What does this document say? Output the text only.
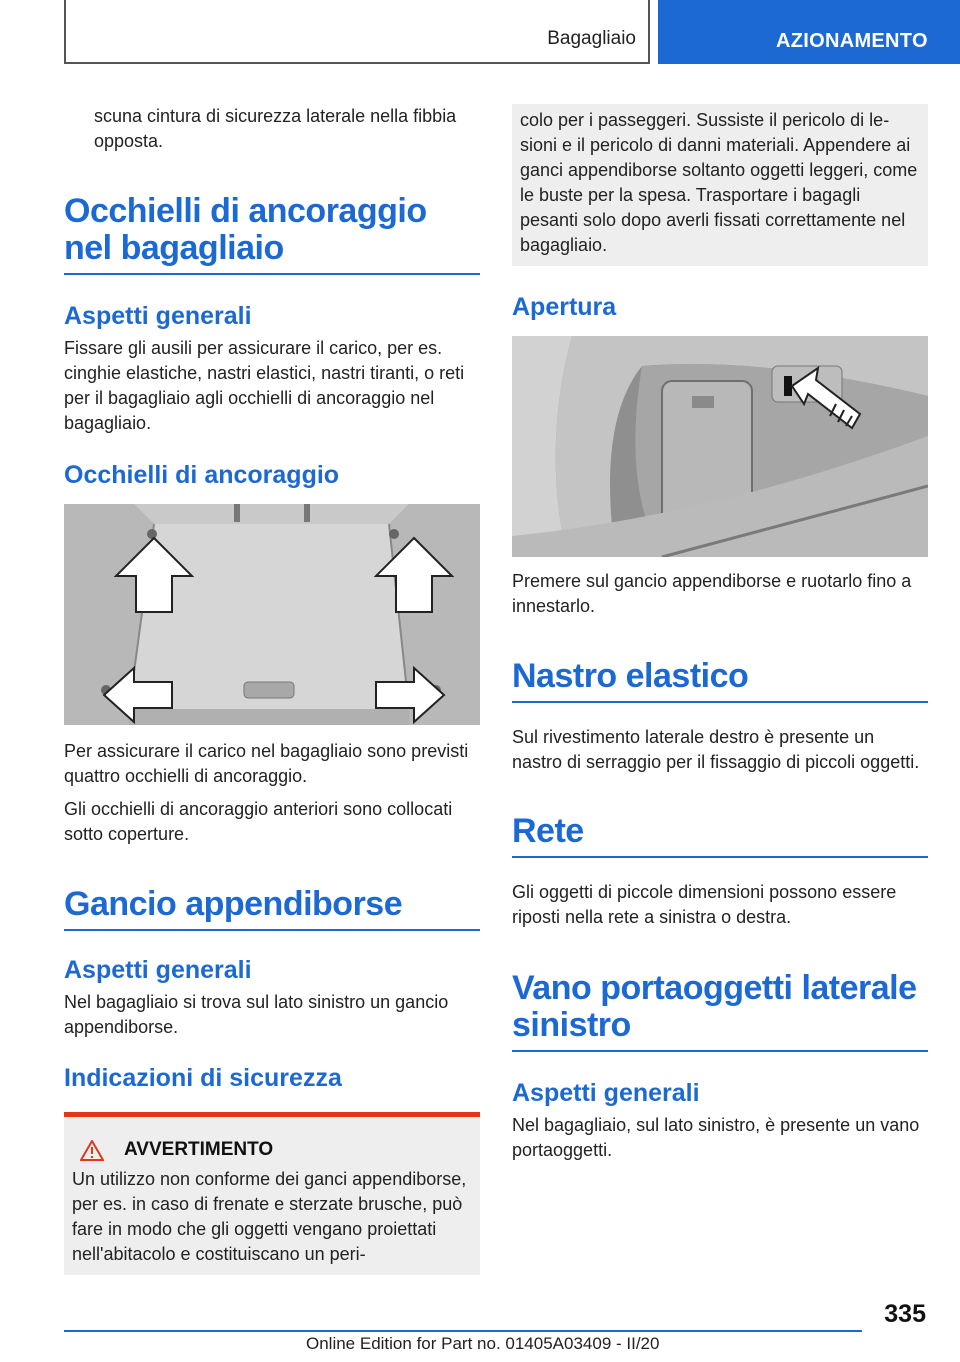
Bagagliaio	AZIONAMENTO

scuna cintura di sicurezza laterale nella fibbia opposta.

Occhielli di ancoraggio nel bagagliaio
Aspetti generali

Fissare gli ausili per assicurare il carico, per es. cinghie elastiche, nastri elastici, nastri tiranti, o reti per il bagagliaio agli occhielli di ancoraggio nel bagagliaio.

Occhielli di ancoraggio

Per assicurare il carico nel bagagliaio sono previsti quattro occhielli di ancoraggio.

Gli occhielli di ancoraggio anteriori sono collocati sotto coperture.

Gancio appendiborse
Aspetti generali

Nel bagagliaio si trova sul lato sinistro un gancio appendiborse.

Indicazioni di sicurezza
AVVERTIMENTO

Un utilizzo non conforme dei ganci appendiborse, per es. in caso di frenate e sterzate brusche, può fare in modo che gli oggetti vengano proiettati nell'abitacolo e costituiscano un peri-

colo per i passeggeri. Sussiste il pericolo di lesioni e il pericolo di danni materiali. Appendere ai ganci appendiborse soltanto oggetti leggeri, come le buste per la spesa. Trasportare i bagagli pesanti solo dopo averli fissati correttamente nel bagagliaio.

Apertura

Premere sul gancio appendiborse e ruotarlo fino a innestarlo.

Nastro elastico

Sul rivestimento laterale destro è presente un nastro di serraggio per il fissaggio di piccoli oggetti.

Rete

Gli oggetti di piccole dimensioni possono essere riposti nella rete a sinistra o destra.

Vano portaoggetti laterale sinistro
Aspetti generali

Nel bagagliaio, sul lato sinistro, è presente un vano portaoggetti.

335
Online Edition for Part no. 01405A03409 - II/20
